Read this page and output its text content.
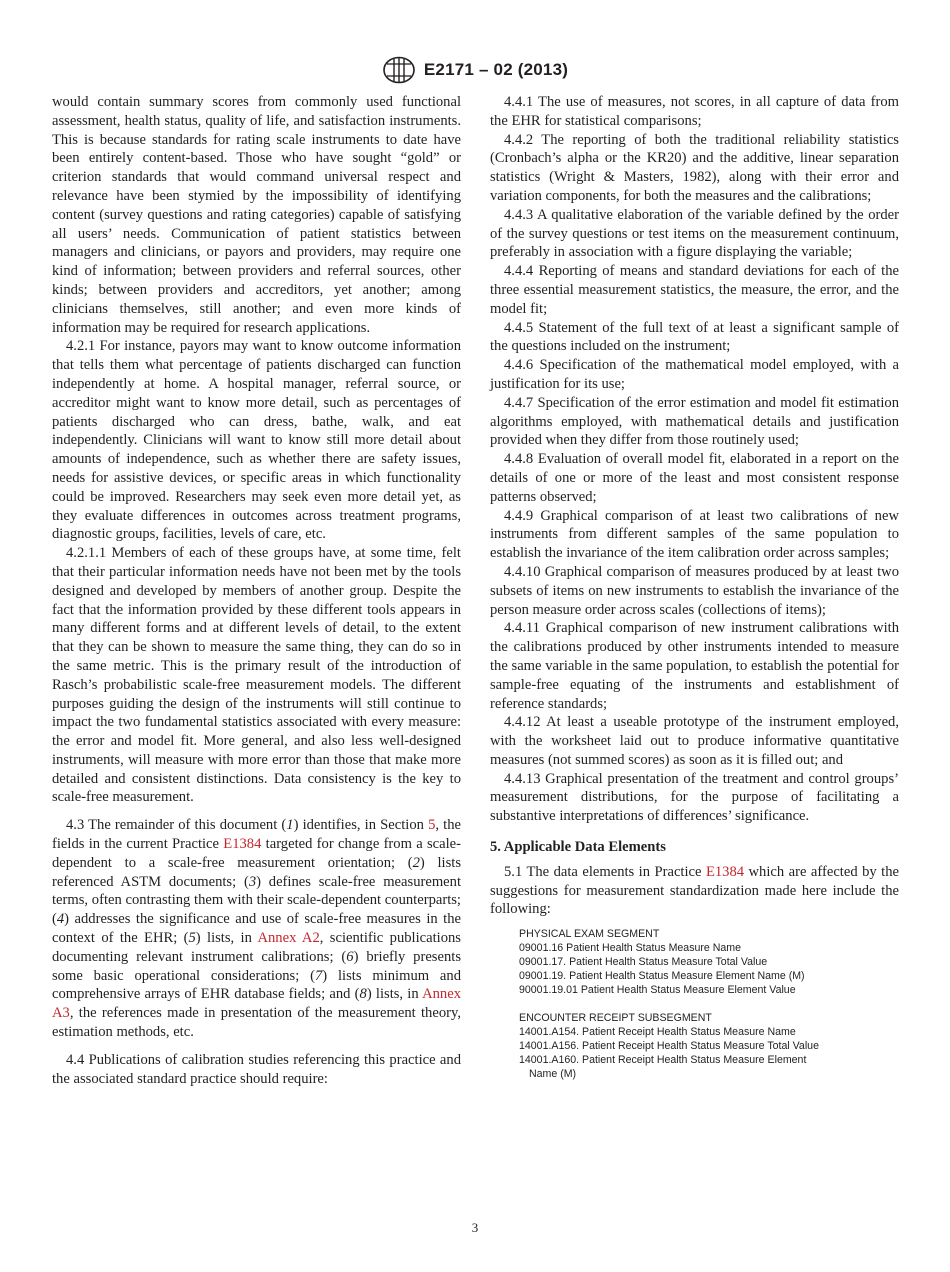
E2171 – 02 (2013)

would contain summary scores from commonly used functional assessment, health status, quality of life, and satisfaction instruments. This is because standards for rating scale instruments to date have been entirely content-based. Those who have sought “gold” or criterion standards that would command universal respect and relevance have been stymied by the impossibility of identifying content (survey questions and rating categories) capable of satisfying all users’ needs. Communication of patient statistics between managers and clinicians, or payors and providers, may require one kind of information; between providers and referral sources, other kinds; between providers and accreditors, yet another; among clinicians themselves, still another; and even more kinds of information may be required for research applications.

4.2.1 For instance, payors may want to know outcome information that tells them what percentage of patients discharged can function independently at home. A hospital manager, referral source, or accreditor might want to know more detail, such as percentages of patients discharged who can dress, bathe, walk, and eat independently. Clinicians will want to know still more detail about amounts of independence, such as whether there are safety issues, needs for assistive devices, or specific areas in which functionality could be improved. Researchers may seek even more detail yet, as they evaluate differences in outcomes across treatment programs, diagnostic groups, facilities, levels of care, etc.

4.2.1.1 Members of each of these groups have, at some time, felt that their particular information needs have not been met by the tools designed and developed by members of another group. Despite the fact that the information provided by these different tools appears in many different forms and at different levels of detail, to the extent that they can be shown to measure the same thing, they can do so in the same metric. This is the primary result of the introduction of Rasch’s probabilistic scale-free measurement models. The different purposes guiding the design of the instruments will still continue to impact the two fundamental statistics associated with every measure: the error and model fit. More general, and also less well-designed instruments, will measure with more error than those that make more detailed and consistent distinctions. Data consistency is the key to scale-free measurement.

4.3 The remainder of this document (1) identifies, in Section 5, the fields in the current Practice E1384 targeted for change from a scale-dependent to a scale-free measurement orientation; (2) lists referenced ASTM documents; (3) defines scale-free measurement terms, often contrasting them with their scale-dependent counterparts; (4) addresses the significance and use of scale-free measures in the context of the EHR; (5) lists, in Annex A2, scientific publications documenting relevant instrument calibrations; (6) briefly presents some basic operational considerations; (7) lists minimum and comprehensive arrays of EHR database fields; and (8) lists, in Annex A3, the references made in presentation of the measurement theory, estimation methods, etc.

4.4 Publications of calibration studies referencing this practice and the associated standard practice should require:

4.4.1 The use of measures, not scores, in all capture of data from the EHR for statistical comparisons;

4.4.2 The reporting of both the traditional reliability statistics (Cronbach’s alpha or the KR20) and the additive, linear separation statistics (Wright & Masters, 1982), along with their error and variation components, for both the measures and the calibrations;

4.4.3 A qualitative elaboration of the variable defined by the order of the survey questions or test items on the measurement continuum, preferably in association with a figure displaying the variable;

4.4.4 Reporting of means and standard deviations for each of the three essential measurement statistics, the measure, the error, and the model fit;

4.4.5 Statement of the full text of at least a significant sample of the questions included on the instrument;

4.4.6 Specification of the mathematical model employed, with a justification for its use;

4.4.7 Specification of the error estimation and model fit estimation algorithms employed, with mathematical details and justification provided when they differ from those routinely used;

4.4.8 Evaluation of overall model fit, elaborated in a report on the details of one or more of the least and most consistent response patterns observed;

4.4.9 Graphical comparison of at least two calibrations of new instruments from different samples of the same population to establish the invariance of the item calibration order across samples;

4.4.10 Graphical comparison of measures produced by at least two subsets of items on new instruments to establish the invariance of the person measure order across scales (collections of items);

4.4.11 Graphical comparison of new instrument calibrations with the calibrations produced by other instruments intended to measure the same variable in the same population, to establish the potential for sample-free equating of the instruments and establishment of reference standards;

4.4.12 At least a useable prototype of the instrument employed, with the worksheet laid out to produce informative quantitative measures (not summed scores) as soon as it is filled out; and

4.4.13 Graphical presentation of the treatment and control groups’ measurement distributions, for the purpose of facilitating a substantive interpretations of differences’ significance.

5. Applicable Data Elements

5.1 The data elements in Practice E1384 which are affected by the suggestions for measurement standardization made here include the following:

PHYSICAL EXAM SEGMENT
09001.16 Patient Health Status Measure Name
09001.17. Patient Health Status Measure Total Value
09001.19. Patient Health Status Measure Element Name (M)
90001.19.01 Patient Health Status Measure Element Value
ENCOUNTER RECEIPT SUBSEGMENT
14001.A154. Patient Receipt Health Status Measure Name
14001.A156. Patient Receipt Health Status Measure Total Value
14001.A160. Patient Receipt Health Status Measure Element
Name (M)
3
